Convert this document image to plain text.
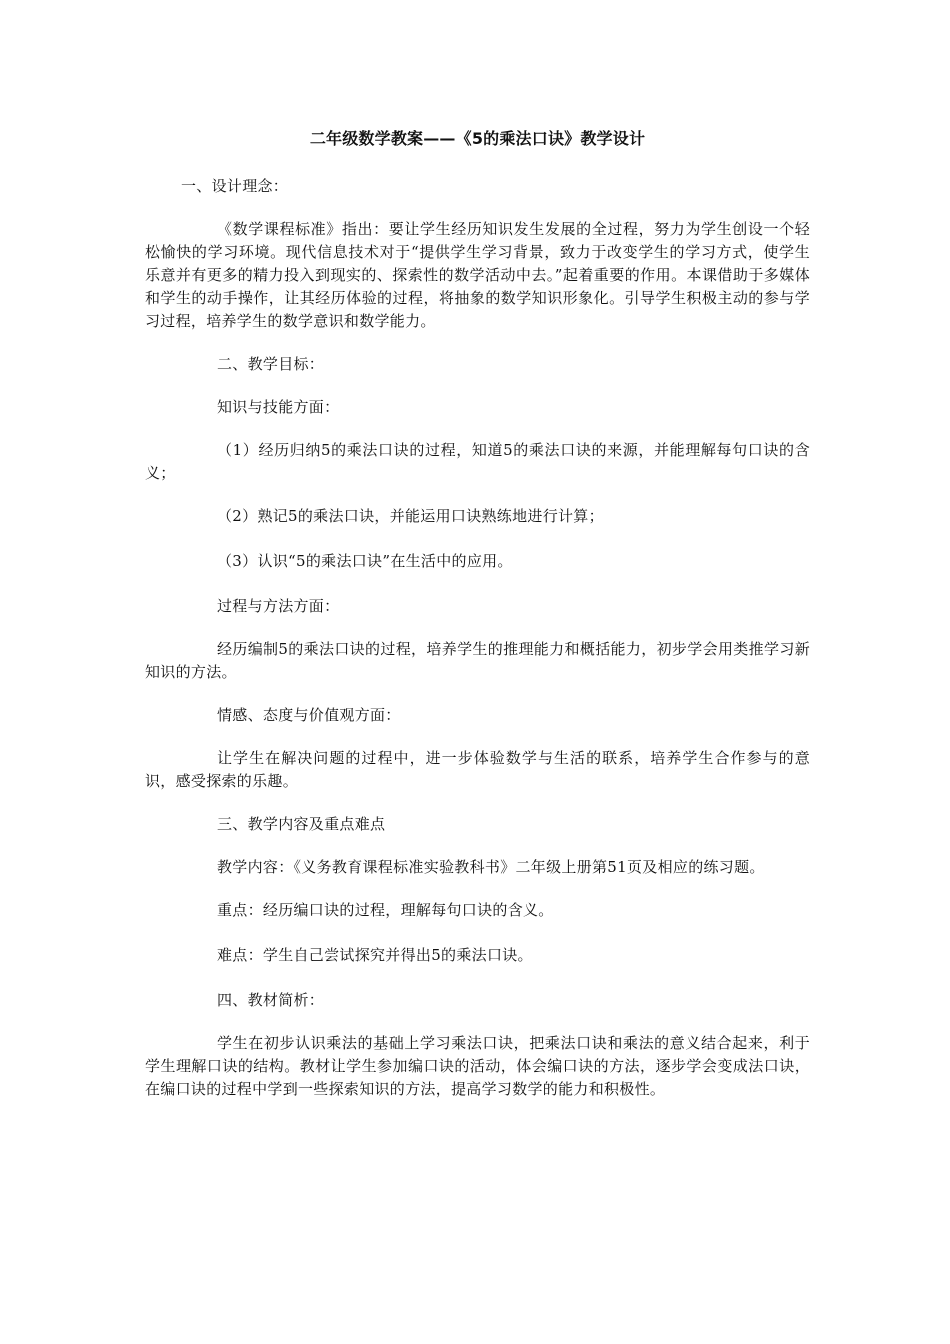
二年级数学教案——《5的乘法口诀》教学设计

一、设计理念：

《数学课程标准》指出：要让学生经历知识发生发展的全过程，努力为学生创设一个轻松愉快的学习环境。现代信息技术对于“提供学生学习背景，致力于改变学生的学习方式，使学生乐意并有更多的精力投入到现实的、探索性的数学活动中去。”起着重要的作用。本课借助于多媒体和学生的动手操作，让其经历体验的过程，将抽象的数学知识形象化。引导学生积极主动的参与学习过程，培养学生的数学意识和数学能力。

二、教学目标：

知识与技能方面：

（1）经历归纳5的乘法口诀的过程，知道5的乘法口诀的来源，并能理解每句口诀的含义；

（2）熟记5的乘法口诀，并能运用口诀熟练地进行计算；

（3）认识“5的乘法口诀”在生活中的应用。

过程与方法方面：

经历编制5的乘法口诀的过程，培养学生的推理能力和概括能力，初步学会用类推学习新知识的方法。

情感、态度与价值观方面：

让学生在解决问题的过程中，进一步体验数学与生活的联系，培养学生合作参与的意识，感受探索的乐趣。

三、教学内容及重点难点

教学内容：《义务教育课程标准实验教科书》二年级上册第51页及相应的练习题。

重点：经历编口诀的过程，理解每句口诀的含义。

难点：学生自己尝试探究并得出5的乘法口诀。

四、教材简析：

学生在初步认识乘法的基础上学习乘法口诀，把乘法口诀和乘法的意义结合起来，利于学生理解口诀的结构。教材让学生参加编口诀的活动，体会编口诀的方法，逐步学会变成法口诀，在编口诀的过程中学到一些探索知识的方法，提高学习数学的能力和积极性。
